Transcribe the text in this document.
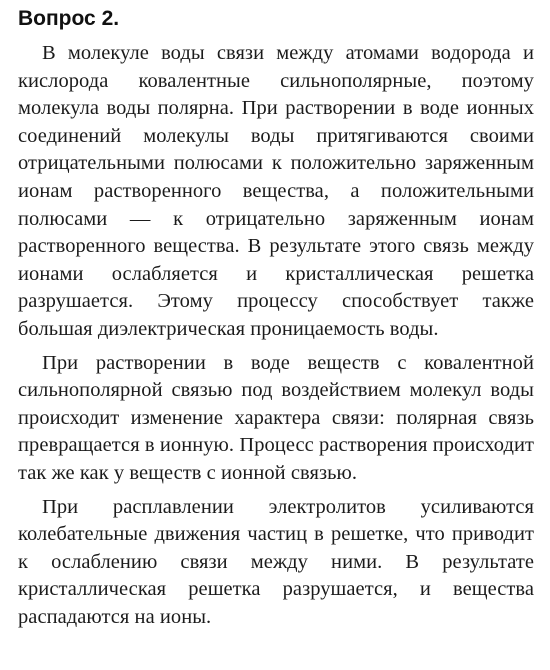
Вопрос 2.

В молекуле воды связи между атомами водорода и кислорода ковалентные сильнополярные, поэтому молекула воды полярна. При растворении в воде ионных соединений молекулы воды притягиваются своими отрицательными полюсами к положительно заряженным ионам растворенного вещества, а положительными полюсами — к отрицательно заряженным ионам растворенного вещества. В результате этого связь между ионами ослабляется и кристаллическая решетка разрушается. Этому процессу способствует также большая диэлектрическая проницаемость воды.

При растворении в воде веществ с ковалентной сильнополярной связью под воздействием молекул воды происходит изменение характера связи: полярная связь превращается в ионную. Процесс растворения происходит так же как у веществ с ионной связью.

При расплавлении электролитов усиливаются колебательные движения частиц в решетке, что приводит к ослаблению связи между ними. В результате кристаллическая решетка разрушается, и вещества распадаются на ионы.
